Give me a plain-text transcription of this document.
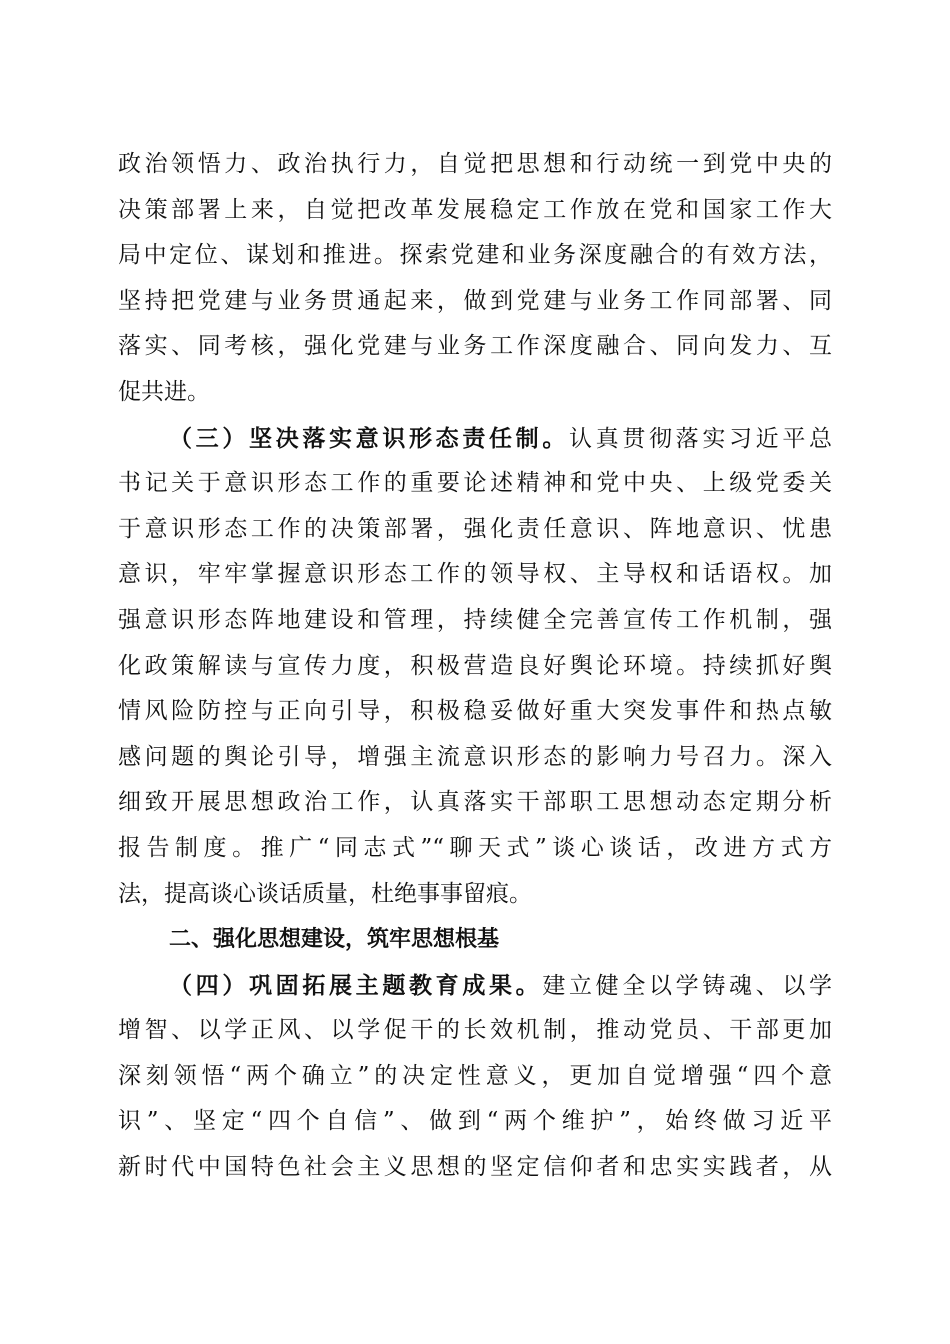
政治领悟力、政治执行力，自觉把思想和行动统一到党中央的
决策部署上来，自觉把改革发展稳定工作放在党和国家工作大
局中定位、谋划和推进。探索党建和业务深度融合的有效方法，
坚持把党建与业务贯通起来，做到党建与业务工作同部署、同
落实、同考核，强化党建与业务工作深度融合、同向发力、互
促共进。
（三）坚决落实意识形态责任制。认真贯彻落实习近平总
书记关于意识形态工作的重要论述精神和党中央、上级党委关
于意识形态工作的决策部署，强化责任意识、阵地意识、忧患
意识，牢牢掌握意识形态工作的领导权、主导权和话语权。加
强意识形态阵地建设和管理，持续健全完善宣传工作机制，强
化政策解读与宣传力度，积极营造良好舆论环境。持续抓好舆
情风险防控与正向引导，积极稳妥做好重大突发事件和热点敏
感问题的舆论引导，增强主流意识形态的影响力号召力。深入
细致开展思想政治工作，认真落实干部职工思想动态定期分析
报告制度。推广“同志式”“聊天式”谈心谈话，改进方式方
法，提高谈心谈话质量，杜绝事事留痕。
二、强化思想建设，筑牢思想根基
（四）巩固拓展主题教育成果。建立健全以学铸魂、以学
增智、以学正风、以学促干的长效机制，推动党员、干部更加
深刻领悟“两个确立”的决定性意义，更加自觉增强“四个意
识”、坚定“四个自信”、做到“两个维护”，始终做习近平
新时代中国特色社会主义思想的坚定信仰者和忠实实践者，从
